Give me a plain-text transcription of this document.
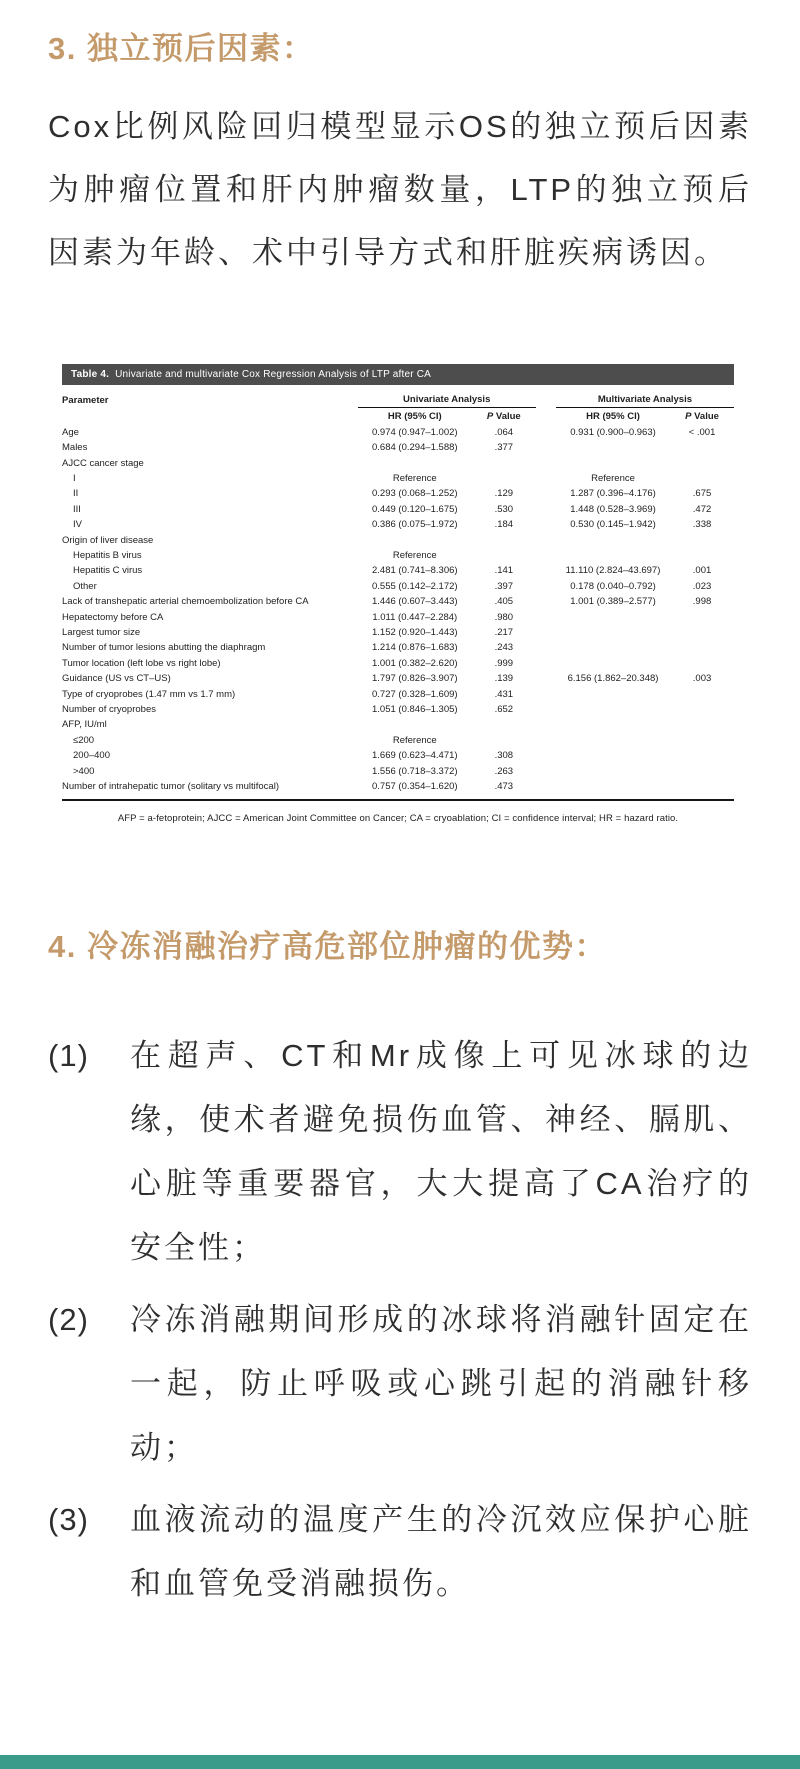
3. 独立预后因素：
Cox比例风险回归模型显示OS的独立预后因素为肿瘤位置和肝内肿瘤数量，LTP的独立预后因素为年龄、术中引导方式和肝脏疾病诱因。
Table 4. Univariate and multivariate Cox Regression Analysis of LTP after CA
Parameter	Univariate Analysis	Multivariate Analysis
HR (95% CI)	P Value	HR (95% CI)	P Value
Age	0.974 (0.947–1.002)	.064	0.931 (0.900–0.963)	< .001
Males	0.684 (0.294–1.588)	.377
AJCC cancer stage
I	Reference	Reference
II	0.293 (0.068–1.252)	.129	1.287 (0.396–4.176)	.675
III	0.449 (0.120–1.675)	.530	1.448 (0.528–3.969)	.472
IV	0.386 (0.075–1.972)	.184	0.530 (0.145–1.942)	.338
Origin of liver disease
Hepatitis B virus	Reference
Hepatitis C virus	2.481 (0.741–8.306)	.141	11.110 (2.824–43.697)	.001
Other	0.555 (0.142–2.172)	.397	0.178 (0.040–0.792)	.023
Lack of transhepatic arterial chemoembolization before CA	1.446 (0.607–3.443)	.405	1.001 (0.389–2.577)	.998
Hepatectomy before CA	1.011 (0.447–2.284)	.980
Largest tumor size	1.152 (0.920–1.443)	.217
Number of tumor lesions abutting the diaphragm	1.214 (0.876–1.683)	.243
Tumor location (left lobe vs right lobe)	1.001 (0.382–2.620)	.999
Guidance (US vs CT–US)	1.797 (0.826–3.907)	.139	6.156 (1.862–20.348)	.003
Type of cryoprobes (1.47 mm vs 1.7 mm)	0.727 (0.328–1.609)	.431
Number of cryoprobes	1.051 (0.846–1.305)	.652
AFP, IU/ml
≤200	Reference
200–400	1.669 (0.623–4.471)	.308
>400	1.556 (0.718–3.372)	.263
Number of intrahepatic tumor (solitary vs multifocal)	0.757 (0.354–1.620)	.473
AFP = a-fetoprotein; AJCC = American Joint Committee on Cancer; CA = cryoablation; CI = confidence interval; HR = hazard ratio.
4. 冷冻消融治疗高危部位肿瘤的优势：
(1)	在超声、CT和Mr成像上可见冰球的边缘，使术者避免损伤血管、神经、膈肌、心脏等重要器官，大大提高了CA治疗的安全性；
(2)	冷冻消融期间形成的冰球将消融针固定在一起，防止呼吸或心跳引起的消融针移动；
(3)	血液流动的温度产生的冷沉效应保护心脏和血管免受消融损伤。
